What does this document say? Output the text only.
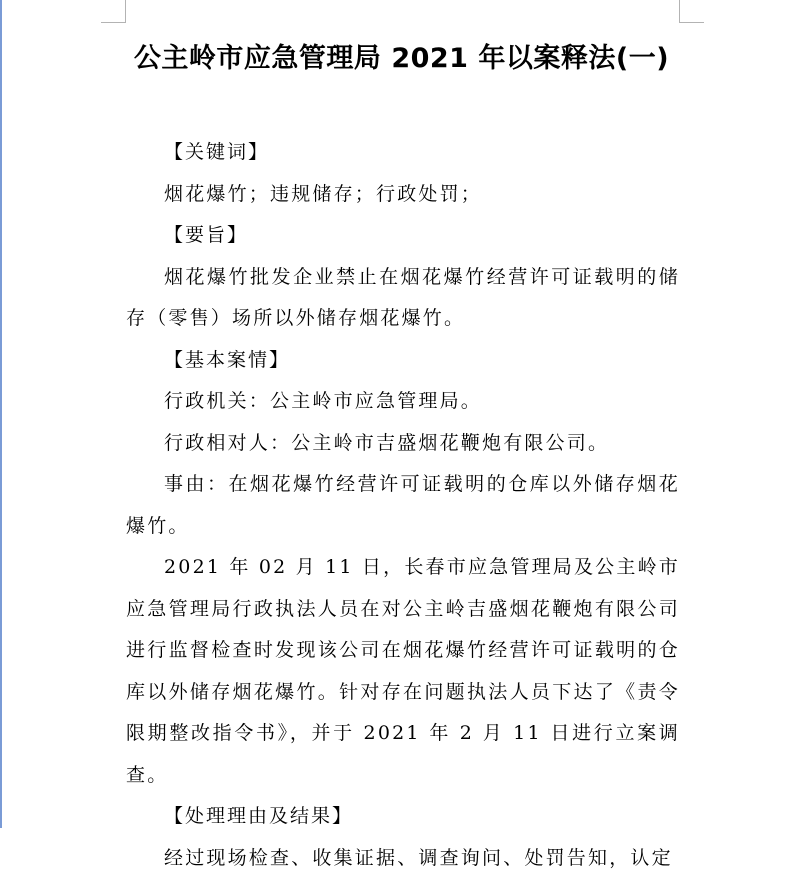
公主岭市应急管理局 2021 年以案释法(一)

【关键词】

烟花爆竹；违规储存；行政处罚；

【要旨】

烟花爆竹批发企业禁止在烟花爆竹经营许可证载明的储存（零售）场所以外储存烟花爆竹。

【基本案情】

行政机关：公主岭市应急管理局。

行政相对人：公主岭市吉盛烟花鞭炮有限公司。

事由：在烟花爆竹经营许可证载明的仓库以外储存烟花爆竹。

2021 年 02 月 11 日，长春市应急管理局及公主岭市应急管理局行政执法人员在对公主岭吉盛烟花鞭炮有限公司进行监督检查时发现该公司在烟花爆竹经营许可证载明的仓库以外储存烟花爆竹。针对存在问题执法人员下达了《责令限期整改指令书》，并于 2021 年 2 月 11 日进行立案调查。

【处理理由及结果】

经过现场检查、收集证据、调查询问、处罚告知，认定
